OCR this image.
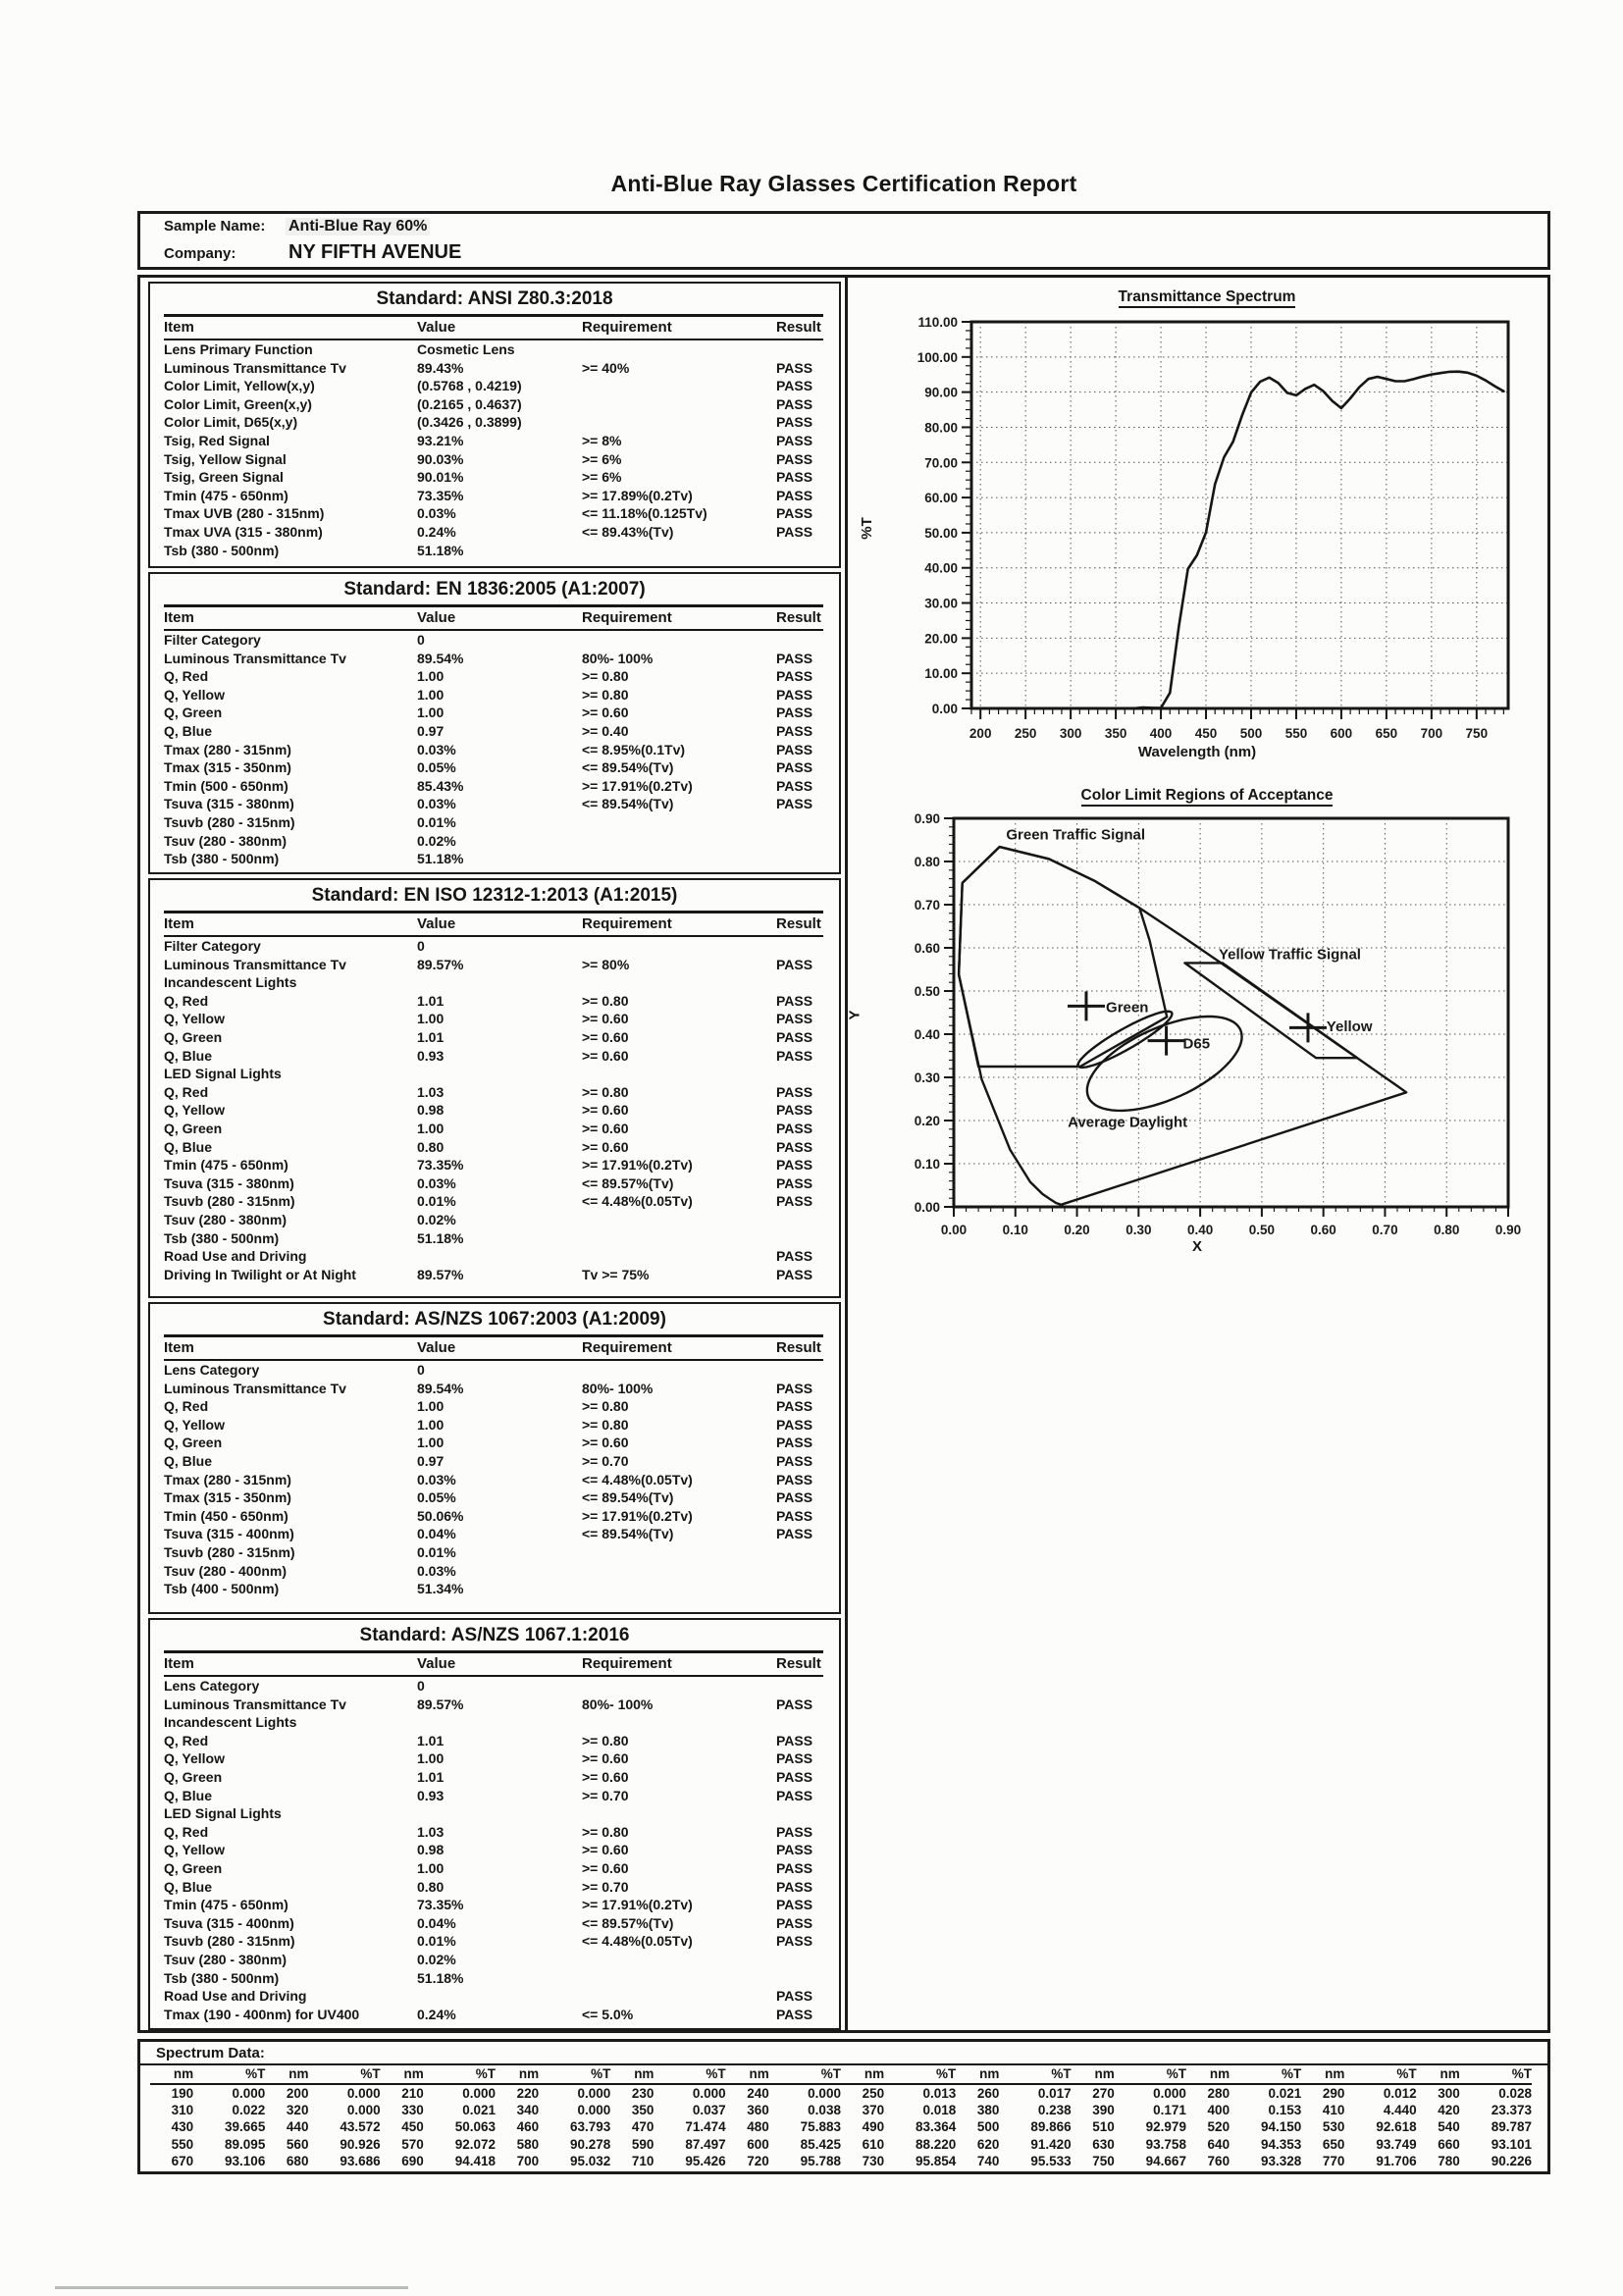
Anti-Blue Ray Glasses Certification Report
Sample Name:	Anti-Blue Ray 60%
Company:	NY FIFTH AVENUE
Standard: ANSI Z80.3:2018
Item	Value	Requirement	Result
Lens Primary Function	Cosmetic Lens		
Luminous Transmittance Tv	89.43%	>= 40%	PASS
Color Limit, Yellow(x,y)	(0.5768 , 0.4219)		PASS
Color Limit, Green(x,y)	(0.2165 , 0.4637)		PASS
Color Limit, D65(x,y)	(0.3426 , 0.3899)		PASS
Tsig, Red Signal	93.21%	>= 8%	PASS
Tsig, Yellow Signal	90.03%	>= 6%	PASS
Tsig, Green Signal	90.01%	>= 6%	PASS
Tmin (475 - 650nm)	73.35%	>= 17.89%(0.2Tv)	PASS
Tmax UVB (280 - 315nm)	0.03%	<= 11.18%(0.125Tv)	PASS
Tmax UVA (315 - 380nm)	0.24%	<= 89.43%(Tv)	PASS
Tsb (380 - 500nm)	51.18%		
Standard: EN 1836:2005 (A1:2007)
Item	Value	Requirement	Result
Filter Category	0		
Luminous Transmittance Tv	89.54%	80%- 100%	PASS
Q, Red	1.00	>= 0.80	PASS
Q, Yellow	1.00	>= 0.80	PASS
Q, Green	1.00	>= 0.60	PASS
Q, Blue	0.97	>= 0.40	PASS
Tmax (280 - 315nm)	0.03%	<= 8.95%(0.1Tv)	PASS
Tmax (315 - 350nm)	0.05%	<= 89.54%(Tv)	PASS
Tmin (500 - 650nm)	85.43%	>= 17.91%(0.2Tv)	PASS
Tsuva (315 - 380nm)	0.03%	<= 89.54%(Tv)	PASS
Tsuvb (280 - 315nm)	0.01%		
Tsuv (280 - 380nm)	0.02%		
Tsb (380 - 500nm)	51.18%		
Standard: EN ISO 12312-1:2013 (A1:2015)
Item	Value	Requirement	Result
Filter Category	0		
Luminous Transmittance Tv	89.57%	>= 80%	PASS
Incandescent Lights			
Q, Red	1.01	>= 0.80	PASS
Q, Yellow	1.00	>= 0.60	PASS
Q, Green	1.01	>= 0.60	PASS
Q, Blue	0.93	>= 0.60	PASS
LED Signal Lights			
Q, Red	1.03	>= 0.80	PASS
Q, Yellow	0.98	>= 0.60	PASS
Q, Green	1.00	>= 0.60	PASS
Q, Blue	0.80	>= 0.60	PASS
Tmin (475 - 650nm)	73.35%	>= 17.91%(0.2Tv)	PASS
Tsuva (315 - 380nm)	0.03%	<= 89.57%(Tv)	PASS
Tsuvb (280 - 315nm)	0.01%	<= 4.48%(0.05Tv)	PASS
Tsuv (280 - 380nm)	0.02%		
Tsb (380 - 500nm)	51.18%		
Road Use and Driving			PASS
Driving In Twilight or At Night	89.57%	Tv >= 75%	PASS
Standard: AS/NZS 1067:2003 (A1:2009)
Item	Value	Requirement	Result
Lens Category	0		
Luminous Transmittance Tv	89.54%	80%- 100%	PASS
Q, Red	1.00	>= 0.80	PASS
Q, Yellow	1.00	>= 0.80	PASS
Q, Green	1.00	>= 0.60	PASS
Q, Blue	0.97	>= 0.70	PASS
Tmax (280 - 315nm)	0.03%	<= 4.48%(0.05Tv)	PASS
Tmax (315 - 350nm)	0.05%	<= 89.54%(Tv)	PASS
Tmin (450 - 650nm)	50.06%	>= 17.91%(0.2Tv)	PASS
Tsuva (315 - 400nm)	0.04%	<= 89.54%(Tv)	PASS
Tsuvb (280 - 315nm)	0.01%		
Tsuv (280 - 400nm)	0.03%		
Tsb (400 - 500nm)	51.34%		
Standard: AS/NZS 1067.1:2016
Item	Value	Requirement	Result
Lens Category	0		
Luminous Transmittance Tv	89.57%	80%- 100%	PASS
Incandescent Lights			
Q, Red	1.01	>= 0.80	PASS
Q, Yellow	1.00	>= 0.60	PASS
Q, Green	1.01	>= 0.60	PASS
Q, Blue	0.93	>= 0.70	PASS
LED Signal Lights			
Q, Red	1.03	>= 0.80	PASS
Q, Yellow	0.98	>= 0.60	PASS
Q, Green	1.00	>= 0.60	PASS
Q, Blue	0.80	>= 0.70	PASS
Tmin (475 - 650nm)	73.35%	>= 17.91%(0.2Tv)	PASS
Tsuva (315 - 400nm)	0.04%	<= 89.57%(Tv)	PASS
Tsuvb (280 - 315nm)	0.01%	<= 4.48%(0.05Tv)	PASS
Tsuv (280 - 380nm)	0.02%		
Tsb (380 - 500nm)	51.18%		
Road Use and Driving			PASS
Tmax (190 - 400nm) for UV400	0.24%	<= 5.0%	PASS
Transmittance Spectrum
%T
0.00
10.00
20.00
30.00
40.00
50.00
60.00
70.00
80.00
90.00
100.00
110.00
200 250 300 350 400 450 500 550 600 650 700 750
Wavelength (nm)
Color Limit Regions of Acceptance
Y
0.00
0.00
0.10
0.10
0.20
0.20
0.30
0.30
0.40
0.40
0.50
0.50
0.60
0.60
0.70
0.70
0.80
0.80
0.90
0.90
Green
D65
Yellow
Green Traffic Signal
Yellow Traffic Signal
Average Daylight
X
Spectrum Data:
nm	%T	nm	%T	nm	%T	nm	%T	nm	%T	nm	%T	nm	%T	nm	%T	nm	%T	nm	%T	nm	%T	nm	%T
190	0.000	200	0.000	210	0.000	220	0.000	230	0.000	240	0.000	250	0.013	260	0.017	270	0.000	280	0.021	290	0.012	300	0.028
310	0.022	320	0.000	330	0.021	340	0.000	350	0.037	360	0.038	370	0.018	380	0.238	390	0.171	400	0.153	410	4.440	420	23.373
430	39.665	440	43.572	450	50.063	460	63.793	470	71.474	480	75.883	490	83.364	500	89.866	510	92.979	520	94.150	530	92.618	540	89.787
550	89.095	560	90.926	570	92.072	580	90.278	590	87.497	600	85.425	610	88.220	620	91.420	630	93.758	640	94.353	650	93.749	660	93.101
670	93.106	680	93.686	690	94.418	700	95.032	710	95.426	720	95.788	730	95.854	740	95.533	750	94.667	760	93.328	770	91.706	780	90.226
